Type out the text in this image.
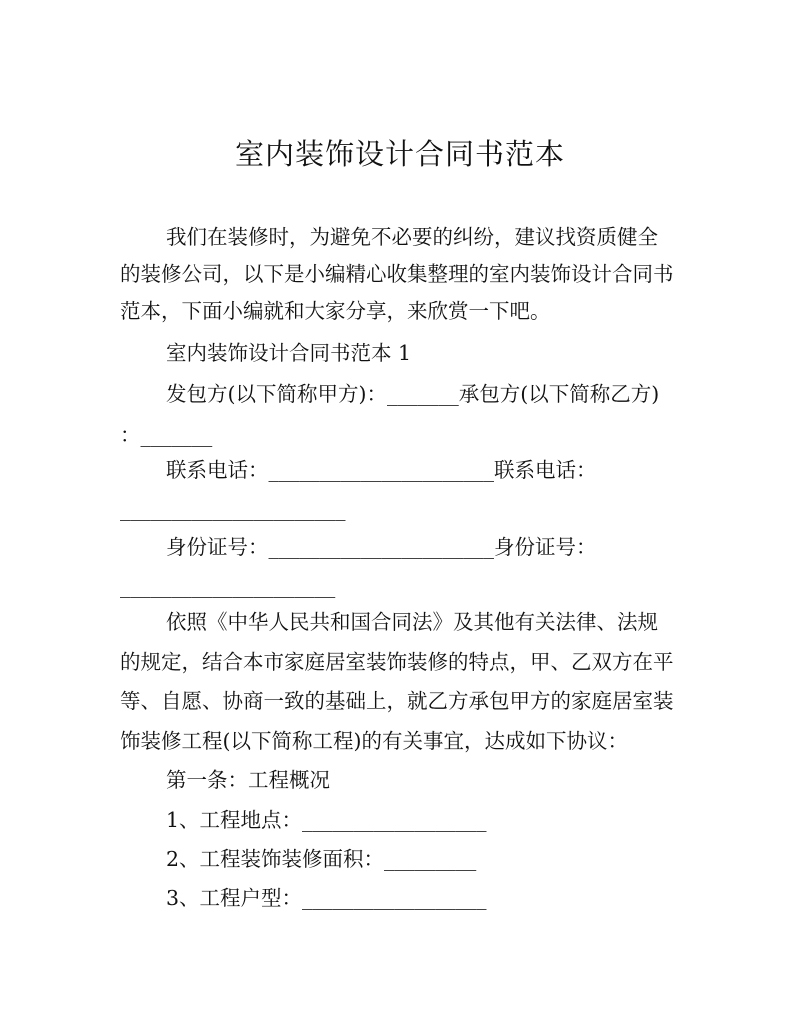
室内装饰设计合同书范本
我们在装修时，为避免不必要的纠纷，建议找资质健全
的装修公司，以下是小编精心收集整理的室内装饰设计合同书
范本，下面小编就和大家分享，来欣赏一下吧。
室内装饰设计合同书范本 1
发包方(以下简称甲方)：_______承包方(以下简称乙方)
：_______
联系电话：______________________联系电话：
______________________
身份证号：______________________身份证号：
_____________________
依照《中华人民共和国合同法》及其他有关法律、法规
的规定，结合本市家庭居室装饰装修的特点，甲、乙双方在平
等、自愿、协商一致的基础上，就乙方承包甲方的家庭居室装
饰装修工程(以下简称工程)的有关事宜，达成如下协议：
第一条：工程概况
1、工程地点：__________________
2、工程装饰装修面积：_________
3、工程户型：__________________
